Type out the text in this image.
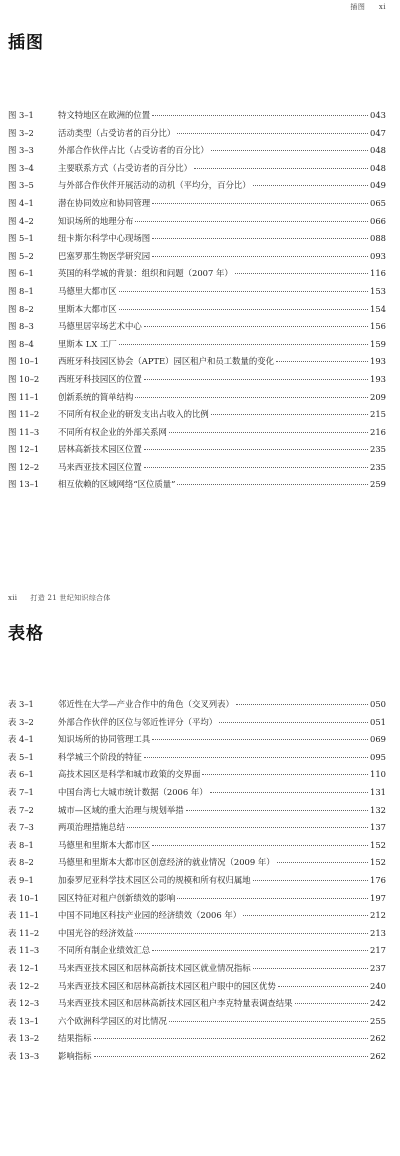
插图 xi
插图
图 3–1	特文特地区在欧洲的位置	043
图 3–2	活动类型（占受访者的百分比）	047
图 3–3	外部合作伙伴占比（占受访者的百分比）	048
图 3–4	主要联系方式（占受访者的百分比）	048
图 3–5	与外部合作伙伴开展活动的动机（平均分，百分比）	049
图 4–1	潜在协同效应和协同管理	065
图 4–2	知识场所的地理分布	066
图 5–1	纽卡斯尔科学中心现场图	088
图 5–2	巴塞罗那生物医学研究园	093
图 6–1	英国的科学城的背景：组织和问题（2007 年）	116
图 8–1	马德里大都市区	153
图 8–2	里斯本大都市区	154
图 8–3	马德里居宰场艺术中心	156
图 8–4	里斯本 LX 工厂	159
图 10–1	西班牙科技园区协会（APTE）园区租户和员工数量的变化	193
图 10–2	西班牙科技园区的位置	193
图 11–1	创新系统的简单结构	209
图 11–2	不同所有权企业的研发支出占收入的比例	215
图 11–3	不同所有权企业的外部关系网	216
图 12–1	居林高新技术园区位置	235
图 12–2	马来西亚技术园区位置	235
图 13–1	相互依赖的区域网络“区位质量”	259
xii 打造 21 世纪知识综合体
表格
表 3–1	邻近性在大学—产业合作中的角色（交叉列表）	050
表 3–2	外部合作伙伴的区位与邻近性评分（平均）	051
表 4–1	知识场所的协同管理工具	069
表 5–1	科学城三个阶段的特征	095
表 6–1	高技术园区是科学和城市政策的交界面	110
表 7–1	中国台湾七大城市统计数据（2006 年）	131
表 7–2	城市—区域的重大治理与规划举措	132
表 7–3	两项治理措施总结	137
表 8–1	马德里和里斯本大都市区	152
表 8–2	马德里和里斯本大都市区创意经济的就业情况（2009 年）	152
表 9–1	加泰罗尼亚科学技术园区公司的规模和所有权归属地	176
表 10–1	园区特征对租户创新绩效的影响	197
表 11–1	中国不同地区科技产业园的经济绩效（2006 年）	212
表 11–2	中国光谷的经济效益	213
表 11–3	不同所有制企业绩效汇总	217
表 12–1	马来西亚技术园区和居林高新技术园区就业情况指标	237
表 12–2	马来西亚技术园区和居林高新技术园区租户眼中的园区优势	240
表 12–3	马来西亚技术园区和居林高新技术园区租户李克特量表调查结果	242
表 13–1	六个欧洲科学园区的对比情况	255
表 13–2	结果指标	262
表 13–3	影响指标	262
